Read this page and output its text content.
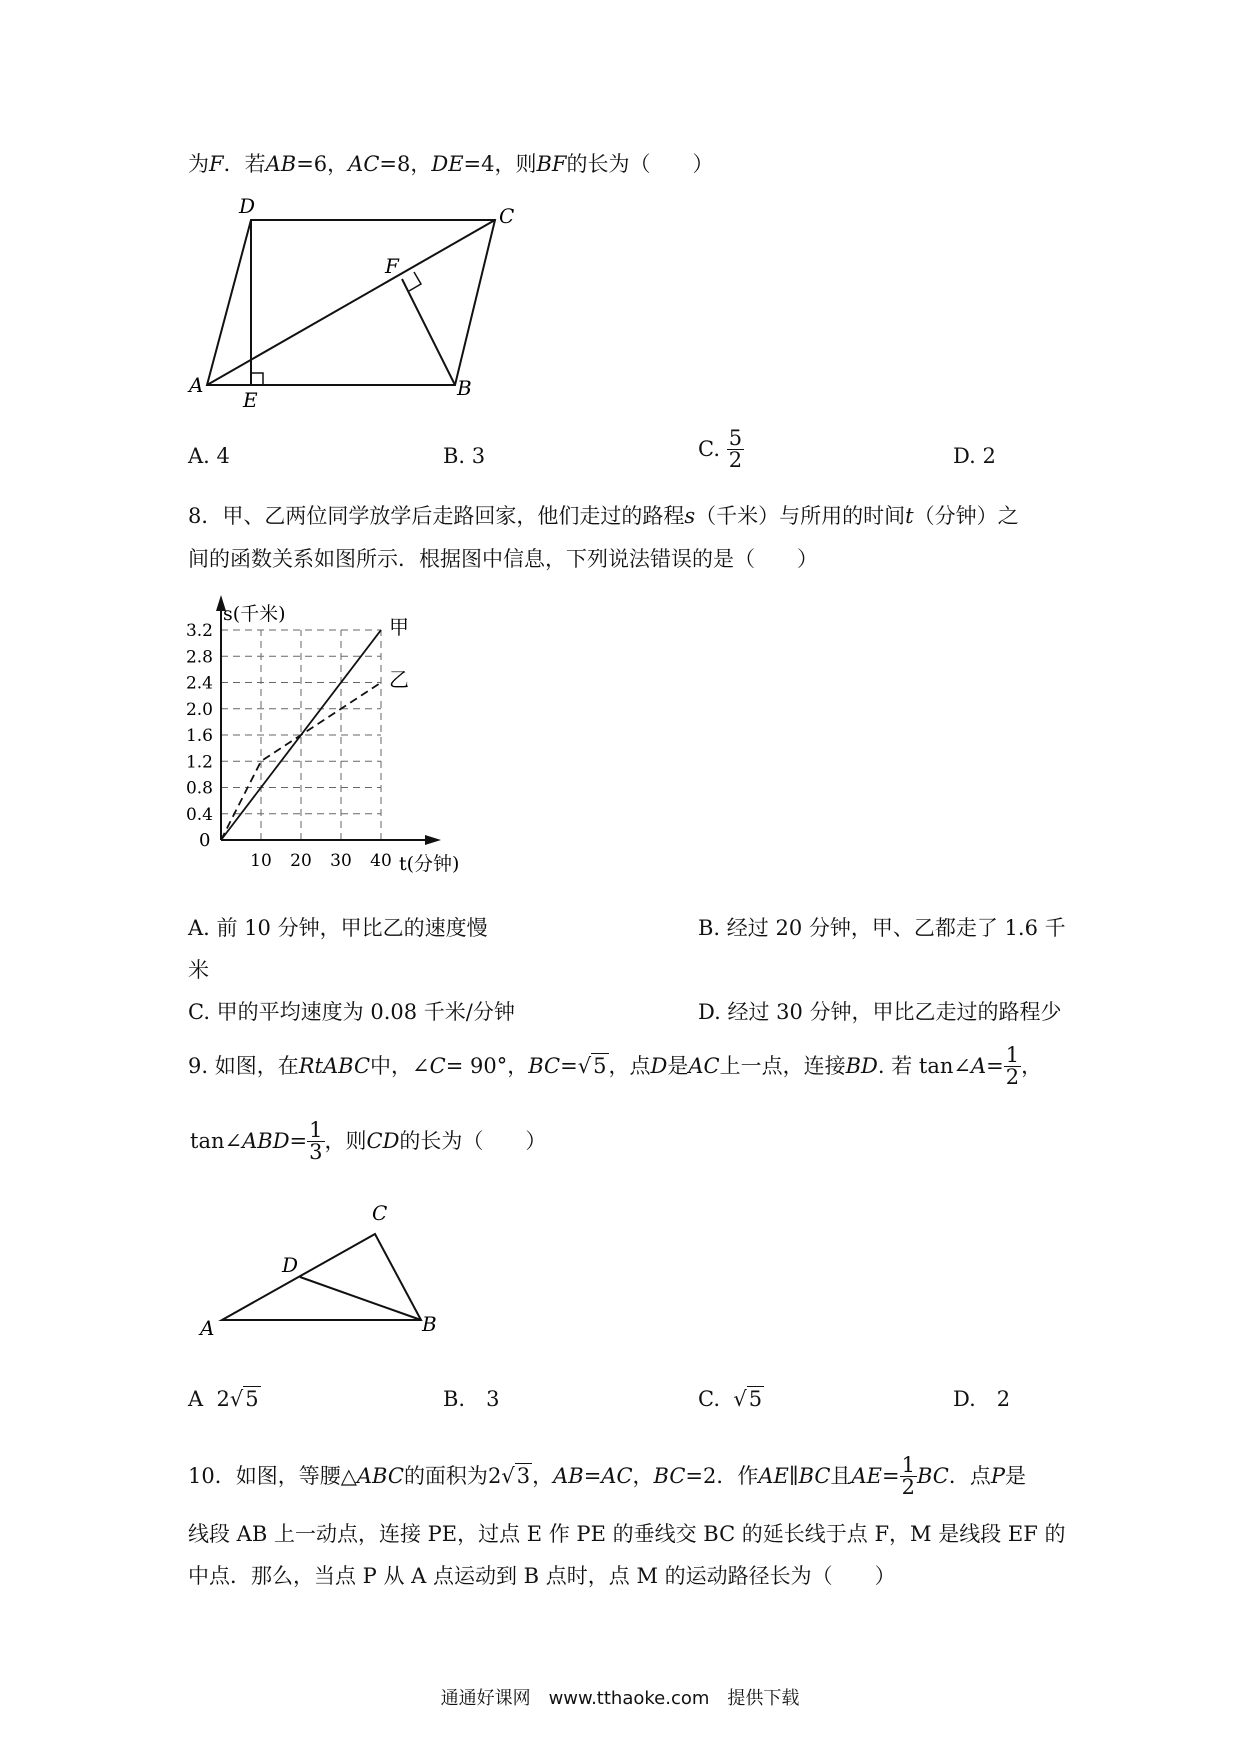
为F．若AB=6，AC=8，DE=4，则BF的长为（　　）
D	C
F
A
E	B
A. 4	B. 3	C. $\frac{5}{2}$	D. 2
8．甲、乙两位同学放学后走路回家，他们走过的路程s（千米）与所用的时间t（分钟）之
间的函数关系如图所示．根据图中信息，下列说法错误的是（　　）
0.4
0.8
1.2
1.6
2.0
2.4
2.8
3.2
10 20 30 40
甲
乙
s(千米)
t(分钟)
0
A. 前 10 分钟，甲比乙的速度慢	B. 经过 20 分钟，甲、乙都走了 1.6 千
米
C. 甲的平均速度为 0.08 千米/分钟	D. 经过 30 分钟，甲比乙走过的路程少
9. 如图，在RtABC中，∠C= 90°，BC=√5，点D是AC上一点，连接BD. 若 tan∠A= $\frac{1}{2}$ ，
tan∠ABD= $\frac{1}{3}$ ，则CD的长为（　　）
C
D
A	B
A 2√5	B.　3	C. √5	D.　2
10．如图，等腰△ABC的面积为2√3，AB=AC，BC=2．作AE∥BC且$AE= \frac{1}{2}$ BC．点P是
线段 AB 上一动点，连接 PE，过点 E 作 PE 的垂线交 BC 的延长线于点 F，M 是线段 EF 的
中点．那么，当点 P 从 A 点运动到 B 点时，点 M 的运动路径长为（　　）
通通好课网　www.tthaoke.com　提供下载
